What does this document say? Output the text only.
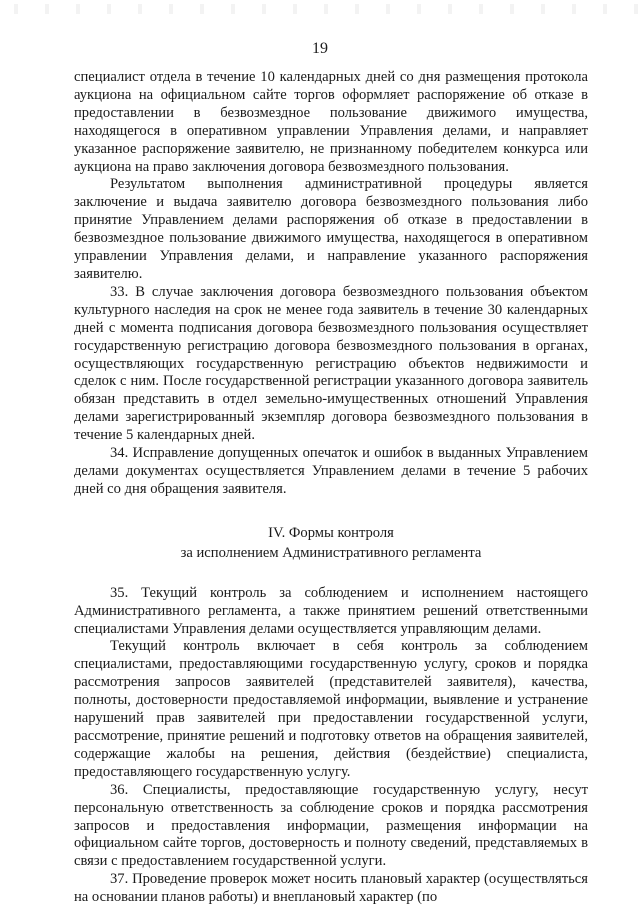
19

специалист отдела в течение 10 календарных дней со дня размещения протокола аукциона на официальном сайте торгов оформляет распоряжение об отказе в предоставлении в безвозмездное пользование движимого имущества, находящегося в оперативном управлении Управления делами, и направляет указанное распоряжение заявителю, не признанному победителем конкурса или аукциона на право заключения договора безвозмездного пользования.

Результатом выполнения административной процедуры является заключение и выдача заявителю договора безвозмездного пользования либо принятие Управлением делами распоряжения об отказе в предоставлении в безвозмездное пользование движимого имущества, находящегося в оперативном управлении Управления делами, и направление указанного распоряжения заявителю.

33. В случае заключения договора безвозмездного пользования объектом культурного наследия на срок не менее года заявитель в течение 30 календарных дней с момента подписания договора безвозмездного пользования осуществляет государственную регистрацию договора безвозмездного пользования в органах, осуществляющих государственную регистрацию объектов недвижимости и сделок с ним. После государственной регистрации указанного договора заявитель обязан представить в отдел земельно-имущественных отношений Управления делами зарегистрированный экземпляр договора безвозмездного пользования в течение 5 календарных дней.

34. Исправление допущенных опечаток и ошибок в выданных Управлением делами документах осуществляется Управлением делами в течение 5 рабочих дней со дня обращения заявителя.

IV. Формы контроля
за исполнением Административного регламента

35. Текущий контроль за соблюдением и исполнением настоящего Административного регламента, а также принятием решений ответственными специалистами Управления делами осуществляется управляющим делами.

Текущий контроль включает в себя контроль за соблюдением специалистами, предоставляющими государственную услугу, сроков и порядка рассмотрения запросов заявителей (представителей заявителя), качества, полноты, достоверности предоставляемой информации, выявление и устранение нарушений прав заявителей при предоставлении государственной услуги, рассмотрение, принятие решений и подготовку ответов на обращения заявителей, содержащие жалобы на решения, действия (бездействие) специалиста, предоставляющего государственную услугу.

36. Специалисты, предоставляющие государственную услугу, несут персональную ответственность за соблюдение сроков и порядка рассмотрения запросов и предоставления информации, размещения информации на официальном сайте торгов, достоверность и полноту сведений, представляемых в связи с предоставлением государственной услуги.

37. Проведение проверок может носить плановый характер (осуществляться на основании планов работы) и внеплановый характер (по
